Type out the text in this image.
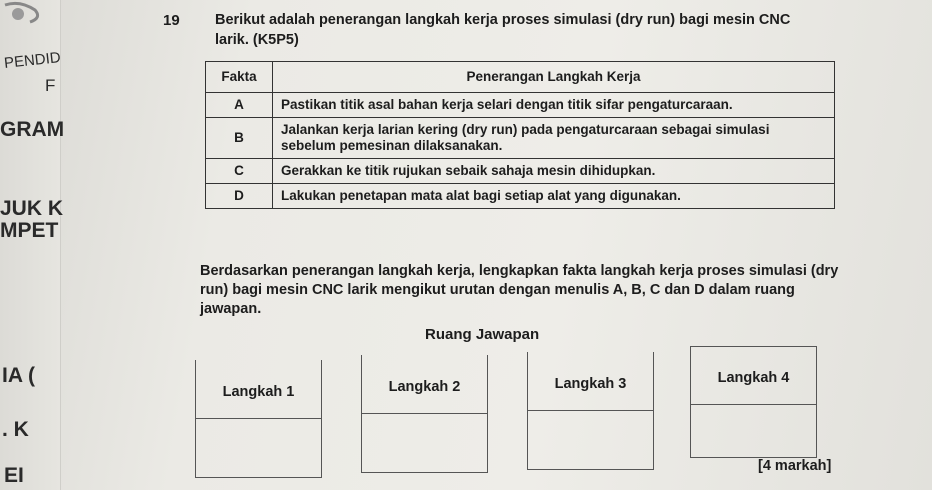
PENDID
F
GRAM
JUK K
MPET
IA (
. K
EI
19 Berikut adalah penerangan langkah kerja proses simulasi (dry run) bagi mesin CNC larik. (K5P5)
Fakta	Penerangan Langkah Kerja
A	Pastikan titik asal bahan kerja selari dengan titik sifar pengaturcaraan.
B	Jalankan kerja larian kering (dry run) pada pengaturcaraan sebagai simulasi sebelum pemesinan dilaksanakan.
C	Gerakkan ke titik rujukan sebaik sahaja mesin dihidupkan.
D	Lakukan penetapan mata alat bagi setiap alat yang digunakan.
Berdasarkan penerangan langkah kerja, lengkapkan fakta langkah kerja proses simulasi (dry run) bagi mesin CNC larik mengikut urutan dengan menulis A, B, C dan D dalam ruang jawapan.
Ruang Jawapan
Langkah 1	Langkah 2	Langkah 3	Langkah 4
[4 markah]
